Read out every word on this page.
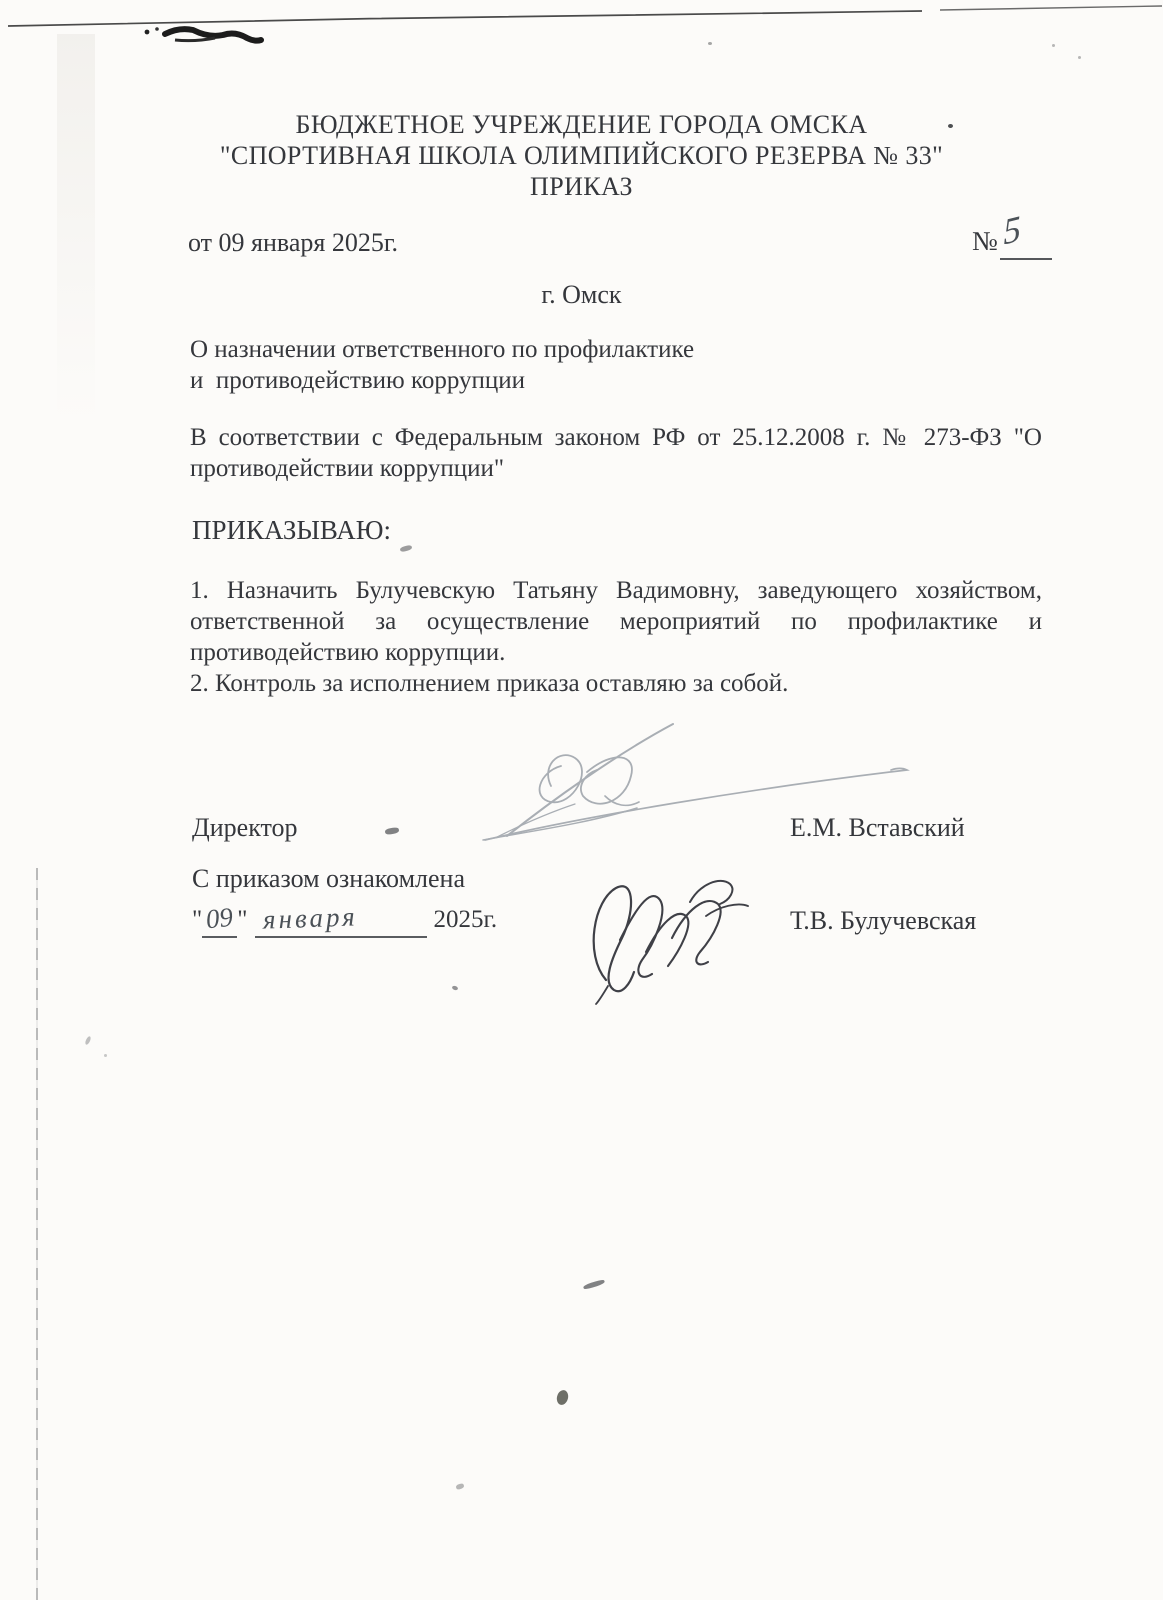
БЮДЖЕТНОЕ УЧРЕЖДЕНИЕ ГОРОДА ОМСКА
"СПОРТИВНАЯ ШКОЛА ОЛИМПИЙСКОГО РЕЗЕРВА № 33"
ПРИКАЗ
от 09 января 2025г.	№ 5
г. Омск
О назначении ответственного по профилактике
и  противодействию коррупции
В соответствии с Федеральным законом РФ от 25.12.2008 г. № 273-ФЗ "О
противодействии коррупции"
ПРИКАЗЫВАЮ:
1. Назначить Булучевскую Татьяну Вадимовну, заведующего хозяйством,
ответственной за осуществление мероприятий по профилактике и
противодействию коррупции.
2. Контроль за исполнением приказа оставляю за собой.
Директор	Е.М. Вставский
С приказом ознакомлена
"09 " января	2025г.	Т.В. Булучевская
